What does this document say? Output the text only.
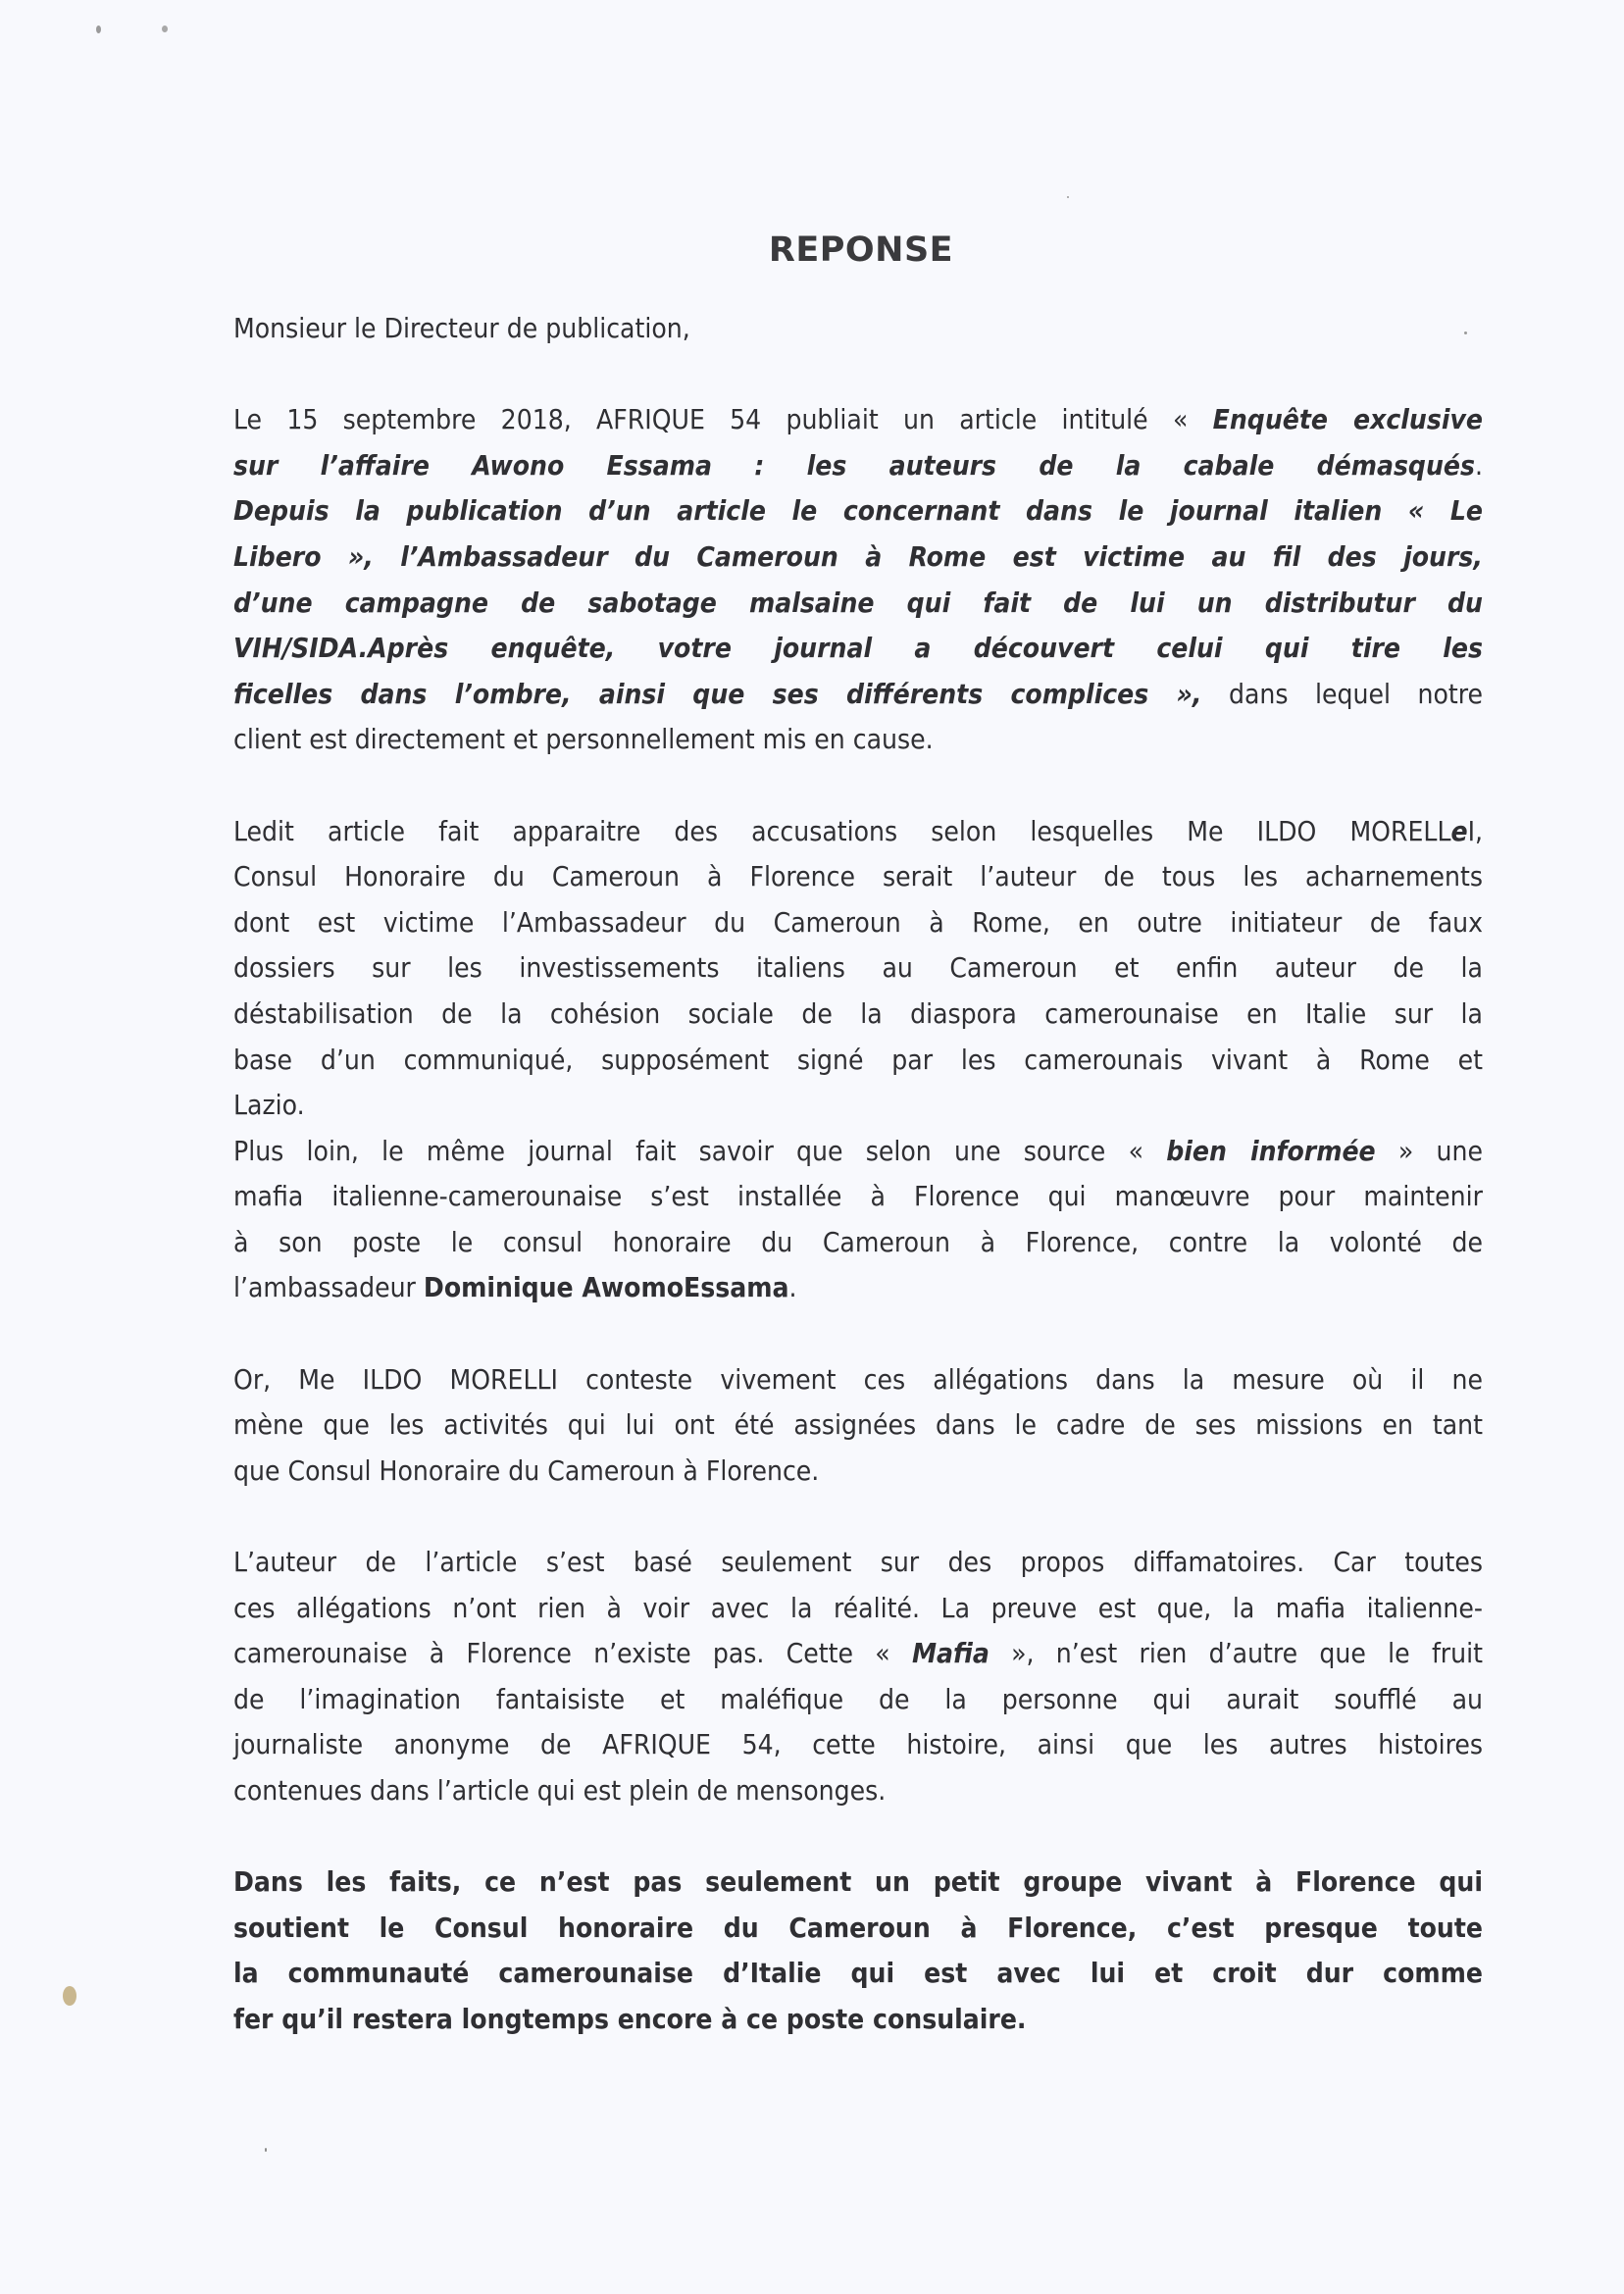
REPONSE

Monsieur le Directeur de publication,

Le 15 septembre 2018, AFRIQUE 54 publiait un article intitulé « Enquête exclusive
sur l’affaire Awono Essama : les auteurs de la cabale démasqués.
Depuis la publication d’un article le concernant dans le journal italien « Le
Libero », l’Ambassadeur du Cameroun à Rome est victime au fil des jours,
d’une campagne de sabotage malsaine qui fait de lui un distributur du
VIH/SIDA.Après enquête, votre journal a découvert celui qui tire les
ficelles dans l’ombre, ainsi que ses différents complices », dans lequel notre
client est directement et personnellement mis en cause.

Ledit article fait apparaitre des accusations selon lesquelles Me ILDO MORELLeI,
Consul Honoraire du Cameroun à Florence serait l’auteur de tous les acharnements
dont est victime l’Ambassadeur du Cameroun à Rome, en outre initiateur de faux
dossiers sur les investissements italiens au Cameroun et enfin auteur de la
déstabilisation de la cohésion sociale de la diaspora camerounaise en Italie sur la
base d’un communiqué, supposément signé par les camerounais vivant à Rome et
Lazio.

Plus loin, le même journal fait savoir que selon une source « bien informée » une
mafia italienne-camerounaise s’est installée à Florence qui manœuvre pour maintenir
à son poste le consul honoraire du Cameroun à Florence, contre la volonté de
l’ambassadeur Dominique AwomoEssama.

Or, Me ILDO MORELLI conteste vivement ces allégations dans la mesure où il ne
mène que les activités qui lui ont été assignées dans le cadre de ses missions en tant
que Consul Honoraire du Cameroun à Florence.

L’auteur de l’article s’est basé seulement sur des propos diffamatoires. Car toutes
ces allégations n’ont rien à voir avec la réalité. La preuve est que, la mafia italienne-
camerounaise à Florence n’existe pas. Cette « Mafia », n’est rien d’autre que le fruit
de l’imagination fantaisiste et maléfique de la personne qui aurait soufflé au
journaliste anonyme de AFRIQUE 54, cette histoire, ainsi que les autres histoires
contenues dans l’article qui est plein de mensonges.

Dans les faits, ce n’est pas seulement un petit groupe vivant à Florence qui
soutient le Consul honoraire du Cameroun à Florence, c’est presque toute
la communauté camerounaise d’Italie qui est avec lui et croit dur comme
fer qu’il restera longtemps encore à ce poste consulaire.
